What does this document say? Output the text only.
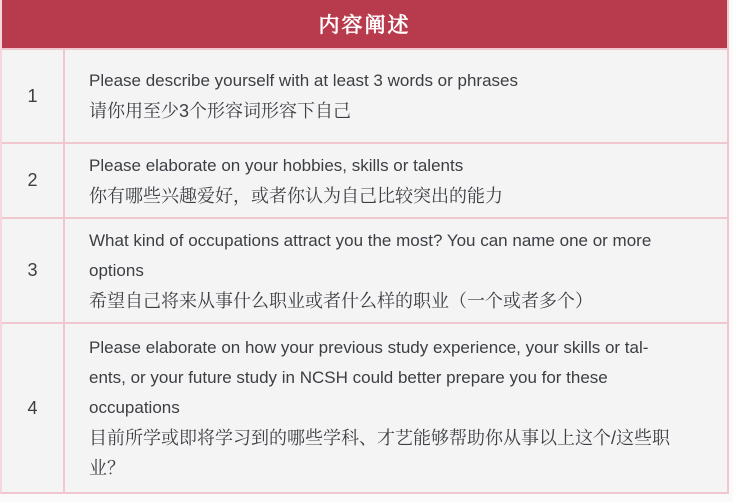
内容阐述
1
Please describe yourself with at least 3 words or phrases
请你用至少3个形容词形容下自己
2
Please elaborate on your hobbies, skills or talents
你有哪些兴趣爱好，或者你认为自己比较突出的能力
3
What kind of occupations attract you the most? You can name one or more
options
希望自己将来从事什么职业或者什么样的职业（一个或者多个）
4
Please elaborate on how your previous study experience, your skills or tal-
ents, or your future study in NCSH could better prepare you for these
occupations
目前所学或即将学习到的哪些学科、才艺能够帮助你从事以上这个/这些职
业？
